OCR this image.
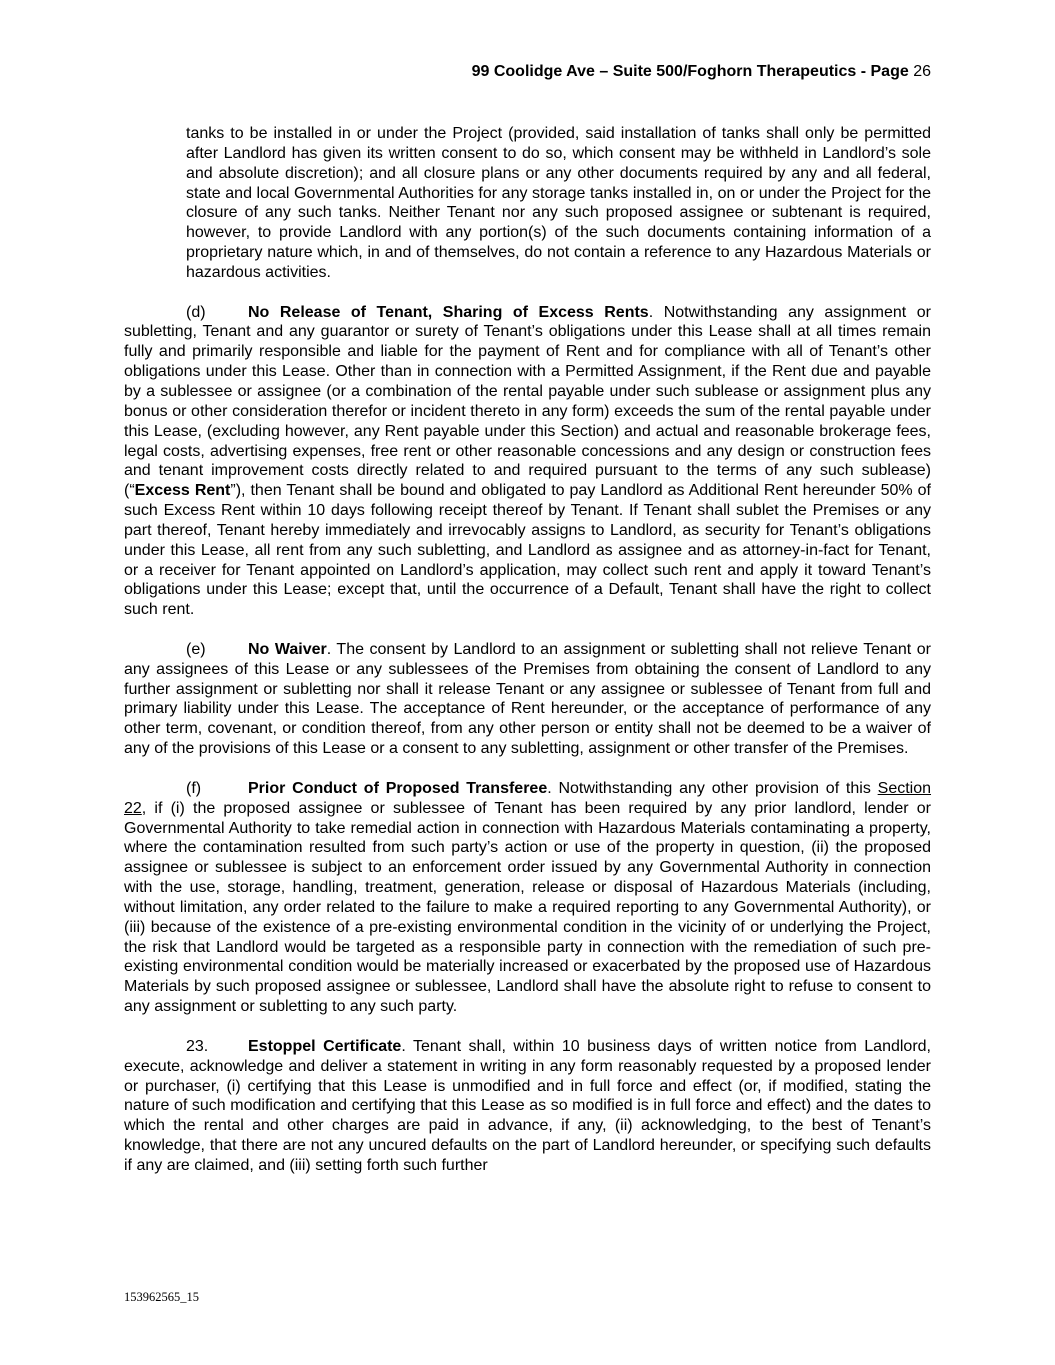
99 Coolidge Ave – Suite 500/Foghorn Therapeutics - Page 26

tanks to be installed in or under the Project (provided, said installation of tanks shall only be permitted after Landlord has given its written consent to do so, which consent may be withheld in Landlord’s sole and absolute discretion); and all closure plans or any other documents required by any and all federal, state and local Governmental Authorities for any storage tanks installed in, on or under the Project for the closure of any such tanks. Neither Tenant nor any such proposed assignee or subtenant is required, however, to provide Landlord with any portion(s) of the such documents containing information of a proprietary nature which, in and of themselves, do not contain a reference to any Hazardous Materials or hazardous activities.

(d)	No Release of Tenant, Sharing of Excess Rents. Notwithstanding any assignment or subletting, Tenant and any guarantor or surety of Tenant’s obligations under this Lease shall at all times remain fully and primarily responsible and liable for the payment of Rent and for compliance with all of Tenant’s other obligations under this Lease. Other than in connection with a Permitted Assignment, if the Rent due and payable by a sublessee or assignee (or a combination of the rental payable under such sublease or assignment plus any bonus or other consideration therefor or incident thereto in any form) exceeds the sum of the rental payable under this Lease, (excluding however, any Rent payable under this Section) and actual and reasonable brokerage fees, legal costs, advertising expenses, free rent or other reasonable concessions and any design or construction fees and tenant improvement costs directly related to and required pursuant to the terms of any such sublease) (“Excess Rent”), then Tenant shall be bound and obligated to pay Landlord as Additional Rent hereunder 50% of such Excess Rent within 10 days following receipt thereof by Tenant. If Tenant shall sublet the Premises or any part thereof, Tenant hereby immediately and irrevocably assigns to Landlord, as security for Tenant’s obligations under this Lease, all rent from any such subletting, and Landlord as assignee and as attorney-in-fact for Tenant, or a receiver for Tenant appointed on Landlord’s application, may collect such rent and apply it toward Tenant’s obligations under this Lease; except that, until the occurrence of a Default, Tenant shall have the right to collect such rent.

(e)	No Waiver. The consent by Landlord to an assignment or subletting shall not relieve Tenant or any assignees of this Lease or any sublessees of the Premises from obtaining the consent of Landlord to any further assignment or subletting nor shall it release Tenant or any assignee or sublessee of Tenant from full and primary liability under this Lease. The acceptance of Rent hereunder, or the acceptance of performance of any other term, covenant, or condition thereof, from any other person or entity shall not be deemed to be a waiver of any of the provisions of this Lease or a consent to any subletting, assignment or other transfer of the Premises.

(f)	Prior Conduct of Proposed Transferee. Notwithstanding any other provision of this Section 22, if (i) the proposed assignee or sublessee of Tenant has been required by any prior landlord, lender or Governmental Authority to take remedial action in connection with Hazardous Materials contaminating a property, where the contamination resulted from such party’s action or use of the property in question, (ii) the proposed assignee or sublessee is subject to an enforcement order issued by any Governmental Authority in connection with the use, storage, handling, treatment, generation, release or disposal of Hazardous Materials (including, without limitation, any order related to the failure to make a required reporting to any Governmental Authority), or (iii) because of the existence of a pre-existing environmental condition in the vicinity of or underlying the Project, the risk that Landlord would be targeted as a responsible party in connection with the remediation of such pre-existing environmental condition would be materially increased or exacerbated by the proposed use of Hazardous Materials by such proposed assignee or sublessee, Landlord shall have the absolute right to refuse to consent to any assignment or subletting to any such party.

23. Estoppel Certificate. Tenant shall, within 10 business days of written notice from Landlord, execute, acknowledge and deliver a statement in writing in any form reasonably requested by a proposed lender or purchaser, (i) certifying that this Lease is unmodified and in full force and effect (or, if modified, stating the nature of such modification and certifying that this Lease as so modified is in full force and effect) and the dates to which the rental and other charges are paid in advance, if any, (ii) acknowledging, to the best of Tenant’s knowledge, that there are not any uncured defaults on the part of Landlord hereunder, or specifying such defaults if any are claimed, and (iii) setting forth such further

153962565_15
